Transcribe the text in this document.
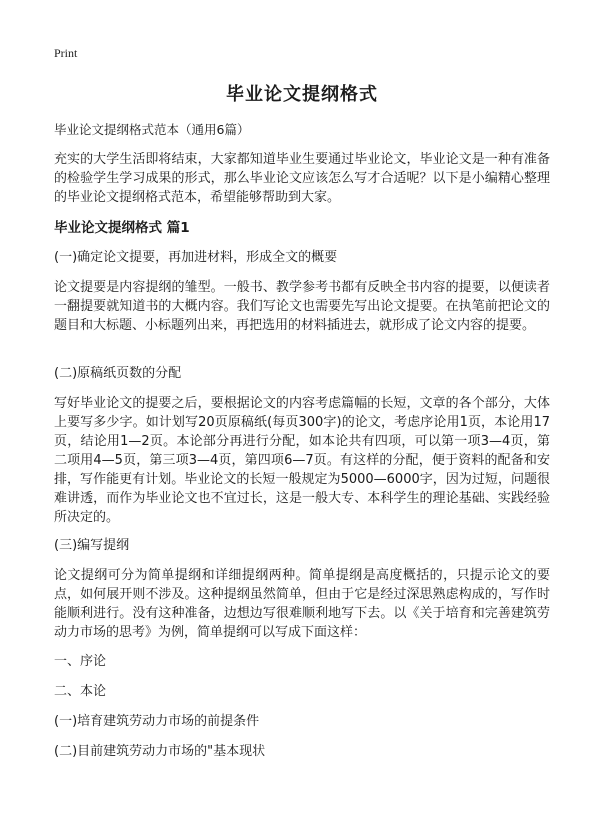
Print
毕业论文提纲格式
毕业论文提纲格式范本（通用6篇）

充实的大学生活即将结束，大家都知道毕业生要通过毕业论文，毕业论文是一种有准备的检验学生学习成果的形式，那么毕业论文应该怎么写才合适呢？以下是小编精心整理的毕业论文提纲格式范本，希望能够帮助到大家。

毕业论文提纲格式 篇1
(一)确定论文提要，再加进材料，形成全文的概要

论文提要是内容提纲的雏型。一般书、教学参考书都有反映全书内容的提要，以便读者一翻提要就知道书的大概内容。我们写论文也需要先写出论文提要。在执笔前把论文的题目和大标题、小标题列出来，再把选用的材料插进去，就形成了论文内容的提要。

(二)原稿纸页数的分配

写好毕业论文的提要之后，要根据论文的内容考虑篇幅的长短，文章的各个部分，大体上要写多少字。如计划写20页原稿纸(每页300字)的论文，考虑序论用1页，本论用17页，结论用1—2页。本论部分再进行分配，如本论共有四项，可以第一项3—4页，第二项用4—5页，第三项3—4页，第四项6—7页。有这样的分配，便于资料的配备和安排，写作能更有计划。毕业论文的长短一般规定为5000—6000字，因为过短，问题很难讲透，而作为毕业论文也不宜过长，这是一般大专、本科学生的理论基础、实践经验所决定的。

(三)编写提纲

论文提纲可分为简单提纲和详细提纲两种。简单提纲是高度概括的，只提示论文的要点，如何展开则不涉及。这种提纲虽然简单，但由于它是经过深思熟虑构成的，写作时能顺利进行。没有这种准备，边想边写很难顺利地写下去。以《关于培育和完善建筑劳动力市场的思考》为例，简单提纲可以写成下面这样：

一、序论
二、本论
(一)培育建筑劳动力市场的前提条件
(二)目前建筑劳动力市场的"基本现状
